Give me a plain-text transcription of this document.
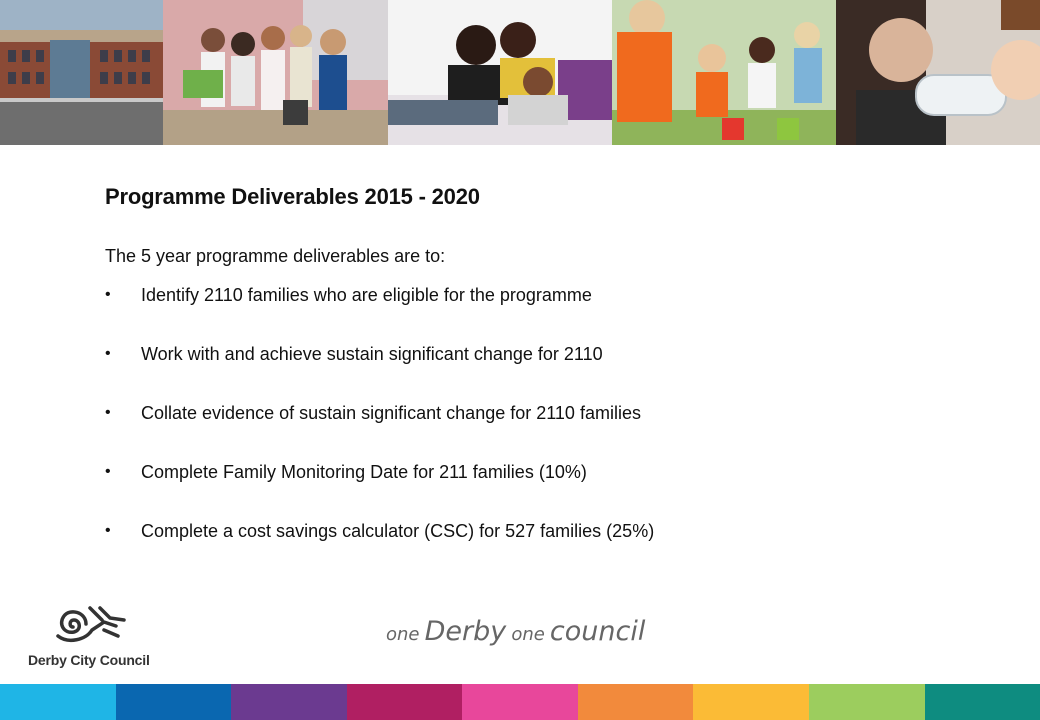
Programme Deliverables 2015 - 2020
The 5 year programme deliverables are to:
• Identify 2110 families who are eligible for the programme
• Work with and achieve sustain significant change for 2110
• Collate evidence of sustain significant change for 2110 families
• Complete Family Monitoring Date for 211 families (10%)
• Complete a cost savings calculator (CSC) for 527 families (25%)
Derby City Council
one Derby one council
